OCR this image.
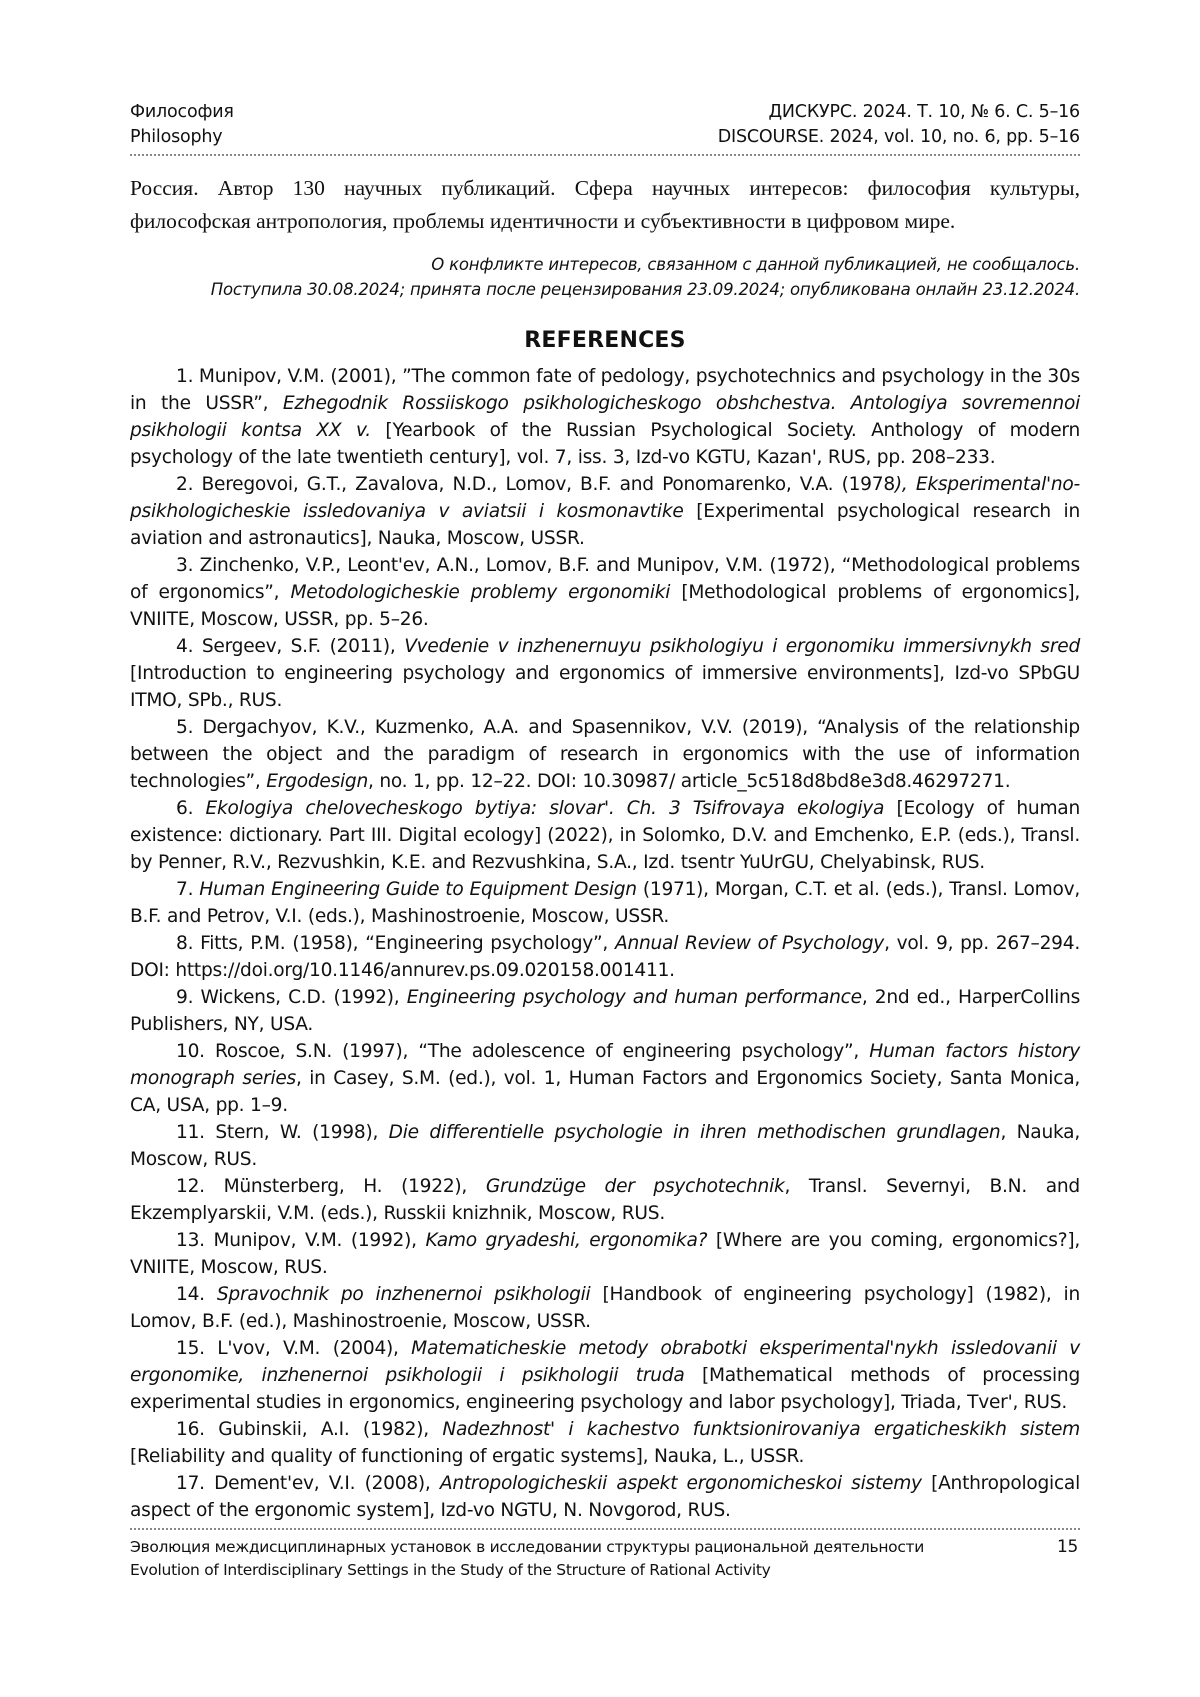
Философия
Philosophy
ДИСКУРС. 2024. Т. 10, № 6. С. 5–16
DISCOURSE. 2024, vol. 10, no. 6, pp. 5–16

Россия. Автор 130 научных публикаций. Сфера научных интересов: философия культуры, философская антропология, проблемы идентичности и субъективности в цифровом мире.

О конфликте интересов, связанном с данной публикацией, не сообщалось.
Поступила 30.08.2024; принята после рецензирования 23.09.2024; опубликована онлайн 23.12.2024.
REFERENCES

1. Munipov, V.M. (2001), ”The common fate of pedology, psychotechnics and psychology in the 30s in the USSR”, Ezhegodnik Rossiiskogo psikhologicheskogo obshchestva. Antologiya sovremennoi psikhologii kontsa XX v. [Yearbook of the Russian Psychological Society. Anthology of modern psychology of the late twentieth century], vol. 7, iss. 3, Izd-vo KGTU, Kazan', RUS, pp. 208–233.

2. Beregovoi, G.T., Zavalova, N.D., Lomov, B.F. and Ponomarenko, V.A. (1978), Eksperimental'no-psikhologicheskie issledovaniya v aviatsii i kosmonavtike [Experimental psychological research in aviation and astronautics], Nauka, Moscow, USSR.

3. Zinchenko, V.P., Leont'ev, A.N., Lomov, B.F. and Munipov, V.M. (1972), “Methodological problems of ergonomics”, Metodologicheskie problemy ergonomiki [Methodological problems of ergonomics], VNIITE, Moscow, USSR, pp. 5–26.

4. Sergeev, S.F. (2011), Vvedenie v inzhenernuyu psikhologiyu i ergonomiku immersivnykh sred [Introduction to engineering psychology and ergonomics of immersive environments], Izd-vo SPbGU ITMO, SPb., RUS.

5. Dergachyov, K.V., Kuzmenko, A.A. and Spasennikov, V.V. (2019), “Analysis of the relationship between the object and the paradigm of research in ergonomics with the use of information technologies”, Ergodesign, no. 1, pp. 12–22. DOI: 10.30987/ article_5c518d8bd8e3d8.46297271.

6. Ekologiya chelovecheskogo bytiya: slovar'. Ch. 3 Tsifrovaya ekologiya [Ecology of human existence: dictionary. Part III. Digital ecology] (2022), in Solomko, D.V. and Emchenko, E.P. (eds.), Transl. by Penner, R.V., Rezvushkin, K.E. and Rezvushkina, S.A., Izd. tsentr YuUrGU, Chelyabinsk, RUS.

7. Human Engineering Guide to Equipment Design (1971), Morgan, C.T. et al. (eds.), Transl. Lomov, B.F. and Petrov, V.I. (eds.), Mashinostroenie, Moscow, USSR.

8. Fitts, P.M. (1958), “Engineering psychology”, Annual Review of Psychology, vol. 9, pp. 267–294. DOI: https://doi.org/10.1146/annurev.ps.09.020158.001411.

9. Wickens, C.D. (1992), Engineering psychology and human performance, 2nd ed., HarperCollins Publishers, NY, USA.

10. Roscoe, S.N. (1997), “The adolescence of engineering psychology”, Human factors history monograph series, in Casey, S.M. (ed.), vol. 1, Human Factors and Ergonomics Society, Santa Monica, CA, USA, pp. 1–9.

11. Stern, W. (1998), Die differentielle psychologie in ihren methodischen grundlagen, Nauka, Moscow, RUS.

12. Münsterberg, H. (1922), Grundzüge der psychotechnik, Transl. Severnyi, B.N. and Ekzemplyarskii, V.M. (eds.), Russkii knizhnik, Moscow, RUS.

13. Munipov, V.M. (1992), Kamo gryadeshi, ergonomika? [Where are you coming, ergonomics?], VNIITE, Moscow, RUS.

14. Spravochnik po inzhenernoi psikhologii [Handbook of engineering psychology] (1982), in Lomov, B.F. (ed.), Mashinostroenie, Moscow, USSR.

15. L'vov, V.M. (2004), Matematicheskie metody obrabotki eksperimental'nykh issledovanii v ergonomike, inzhenernoi psikhologii i psikhologii truda [Mathematical methods of processing experimental studies in ergonomics, engineering psychology and labor psychology], Triada, Tver', RUS.

16. Gubinskii, A.I. (1982), Nadezhnost' i kachestvo funktsionirovaniya ergaticheskikh sistem [Reliability and quality of functioning of ergatic systems], Nauka, L., USSR.

17. Dement'ev, V.I. (2008), Antropologicheskii aspekt ergonomicheskoi sistemy [Anthropological aspect of the ergonomic system], Izd-vo NGTU, N. Novgorod, RUS.

Эволюция междисциплинарных установок в исследовании структуры рациональной деятельности
Evolution of Interdisciplinary Settings in the Study of the Structure of Rational Activity
15
